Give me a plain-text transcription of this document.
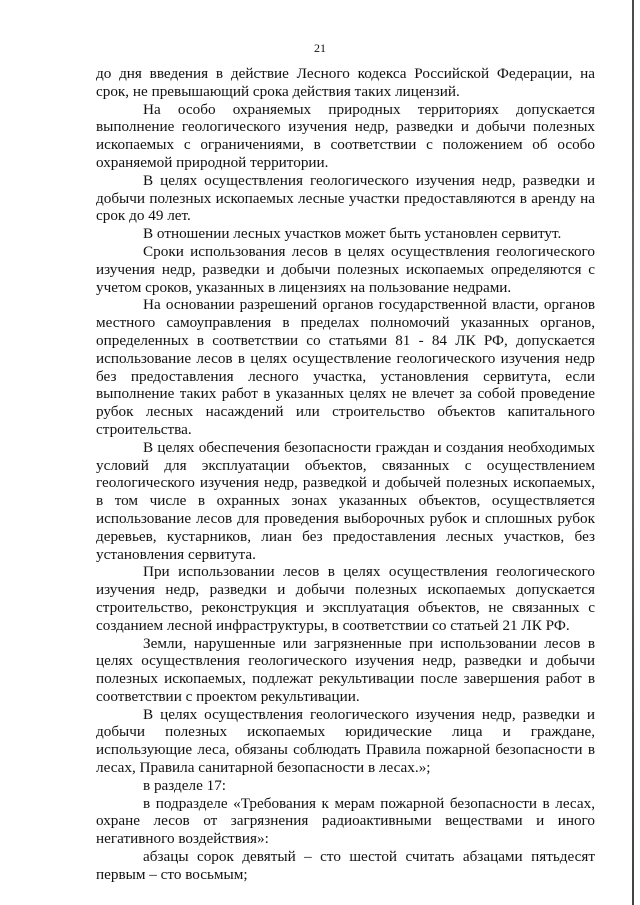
21

до дня введения в действие Лесного кодекса Российской Федерации, на срок, не превышающий срока действия таких лицензий.

На особо охраняемых природных территориях допускается выполнение геологического изучения недр, разведки и добычи полезных ископаемых с ограничениями, в соответствии с положением об особо охраняемой природной территории.

В целях осуществления геологического изучения недр, разведки и добычи полезных ископаемых лесные участки предоставляются в аренду на срок до 49 лет.

В отношении лесных участков может быть установлен сервитут.

Сроки использования лесов в целях осуществления геологического изучения недр, разведки и добычи полезных ископаемых определяются с учетом сроков, указанных в лицензиях на пользование недрами.

На основании разрешений органов государственной власти, органов местного самоуправления в пределах полномочий указанных органов, определенных в соответствии со статьями 81 - 84 ЛК РФ, допускается использование лесов в целях осуществление геологического изучения недр без предоставления лесного участка, установления сервитута, если выполнение таких работ в указанных целях не влечет за собой проведение рубок лесных насаждений или строительство объектов капитального строительства.

В целях обеспечения безопасности граждан и создания необходимых условий для эксплуатации объектов, связанных с осуществлением геологического изучения недр, разведкой и добычей полезных ископаемых, в том числе в охранных зонах указанных объектов, осуществляется использование лесов для проведения выборочных рубок и сплошных рубок деревьев, кустарников, лиан без предоставления лесных участков, без установления сервитута.

При использовании лесов в целях осуществления геологического изучения недр, разведки и добычи полезных ископаемых допускается строительство, реконструкция и эксплуатация объектов, не связанных с созданием лесной инфраструктуры, в соответствии со статьей 21 ЛК РФ.

Земли, нарушенные или загрязненные при использовании лесов в целях осуществления геологического изучения недр, разведки и добычи полезных ископаемых, подлежат рекультивации после завершения работ в соответствии с проектом рекультивации.

В целях осуществления геологического изучения недр, разведки и добычи полезных ископаемых юридические лица и граждане, использующие леса, обязаны соблюдать Правила пожарной безопасности в лесах, Правила санитарной безопасности в лесах.»;

в разделе 17:

в подразделе «Требования к мерам пожарной безопасности в лесах, охране лесов от загрязнения радиоактивными веществами и иного негативного воздействия»:

абзацы сорок девятый – сто шестой считать абзацами пятьдесят первым – сто восьмым;
